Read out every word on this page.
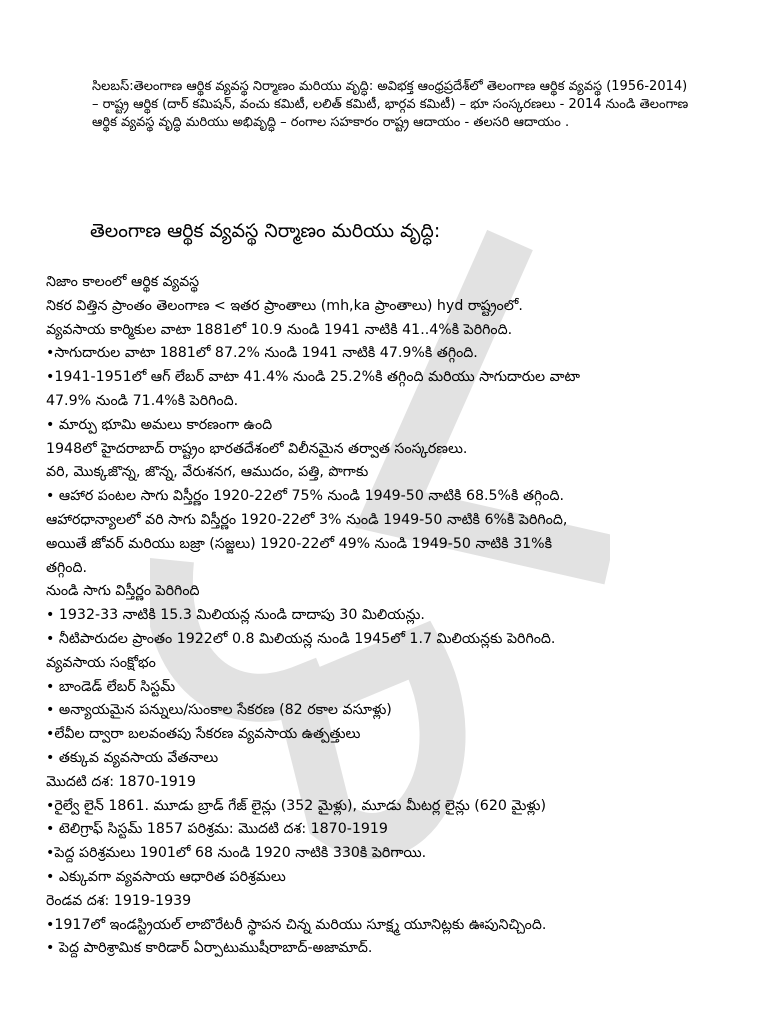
సిలబస్:తెలంగాణ ఆర్థిక వ్యవస్థ నిర్మాణం మరియు వృద్ధి: అవిభక్త ఆంధ్రప్రదేశ్‌లో తెలంగాణ ఆర్థిక వ్యవస్థ (1956-2014) – రాష్ట్ర ఆర్థిక (దార్ కమిషన్, వంచు కమిటీ, లలిత్ కమిటీ, భార్గవ కమిటీ) – భూ సంస్కరణలు - 2014 నుండి తెలంగాణ ఆర్థిక వ్యవస్థ వృద్ధి మరియు అభివృద్ధి – రంగాల సహకారం రాష్ట్ర ఆదాయం - తలసరి ఆదాయం .
తెలంగాణ ఆర్థిక వ్యవస్థ నిర్మాణం మరియు వృద్ధి:
నిజాం కాలంలో ఆర్థిక వ్యవస్థ
నికర విత్తిన ప్రాంతం తెలంగాణ < ఇతర ప్రాంతాలు (mh,ka ప్రాంతాలు) hyd రాష్ట్రంలో.
వ్యవసాయ కార్మికుల వాటా 1881లో 10.9 నుండి 1941 నాటికి 41..4%కి పెరిగింది.
•సాగుదారుల వాటా 1881లో 87.2% నుండి 1941 నాటికి 47.9%కి తగ్గింది.
•1941-1951లో ఆగ్ లేబర్ వాటా 41.4% నుండి 25.2%కి తగ్గింది మరియు సాగుదారుల వాటా
47.9% నుండి 71.4%కి పెరిగింది.
• మార్పు భూమి అమలు కారణంగా ఉంది
1948లో హైదరాబాద్ రాష్ట్రం భారతదేశంలో విలీనమైన తర్వాత సంస్కరణలు.
వరి, మొక్కజొన్న, జొన్న, వేరుశనగ, ఆముదం, పత్తి, పొగాకు
• ఆహార పంటల సాగు విస్తీర్ణం 1920-22లో 75% నుండి 1949-50 నాటికి 68.5%కి తగ్గింది.
ఆహారధాన్యాలలో వరి సాగు విస్తీర్ణం 1920-22లో 3% నుండి 1949-50 నాటికి 6%కి పెరిగింది,
అయితే జోవర్ మరియు బజ్రా (సజ్జలు) 1920-22లో 49% నుండి 1949-50 నాటికి 31%కి
తగ్గింది.
నుండి సాగు విస్తీర్ణం పెరిగింది
• 1932-33 నాటికి 15.3 మిలియన్ల నుండి దాదాపు 30 మిలియన్లు.
• నీటిపారుదల ప్రాంతం 1922లో 0.8 మిలియన్ల నుండి 1945లో 1.7 మిలియన్లకు పెరిగింది.
వ్యవసాయ సంక్షోభం
• బాండెడ్ లేబర్ సిస్టమ్
• అన్యాయమైన పన్నులు/సుంకాల సేకరణ (82 రకాల వసూళ్లు)
•లేవీల ద్వారా బలవంతపు సేకరణ వ్యవసాయ ఉత్పత్తులు
• తక్కువ వ్యవసాయ వేతనాలు
మొదటి దశ: 1870-1919
•రైల్వే లైన్ 1861. మూడు బ్రాడ్ గేజ్ లైన్లు (352 మైళ్లు), మూడు మీటర్ల లైన్లు (620 మైళ్లు)
• టెలిగ్రాఫ్ సిస్టమ్ 1857 పరిశ్రమ: మొదటి దశ: 1870-1919
•పెద్ద పరిశ్రమలు 1901లో 68 నుండి 1920 నాటికి 330కి పెరిగాయి.
• ఎక్కువగా వ్యవసాయ ఆధారిత పరిశ్రమలు
రెండవ దశ: 1919-1939
•1917లో ఇండస్ట్రియల్ లాబొరేటరీ స్థాపన చిన్న మరియు సూక్ష్మ యూనిట్లకు ఊపునిచ్చింది.
• పెద్ద పారిశ్రామిక కారిడార్ ఏర్పాటుముషీరాబాద్-అజామాద్.
